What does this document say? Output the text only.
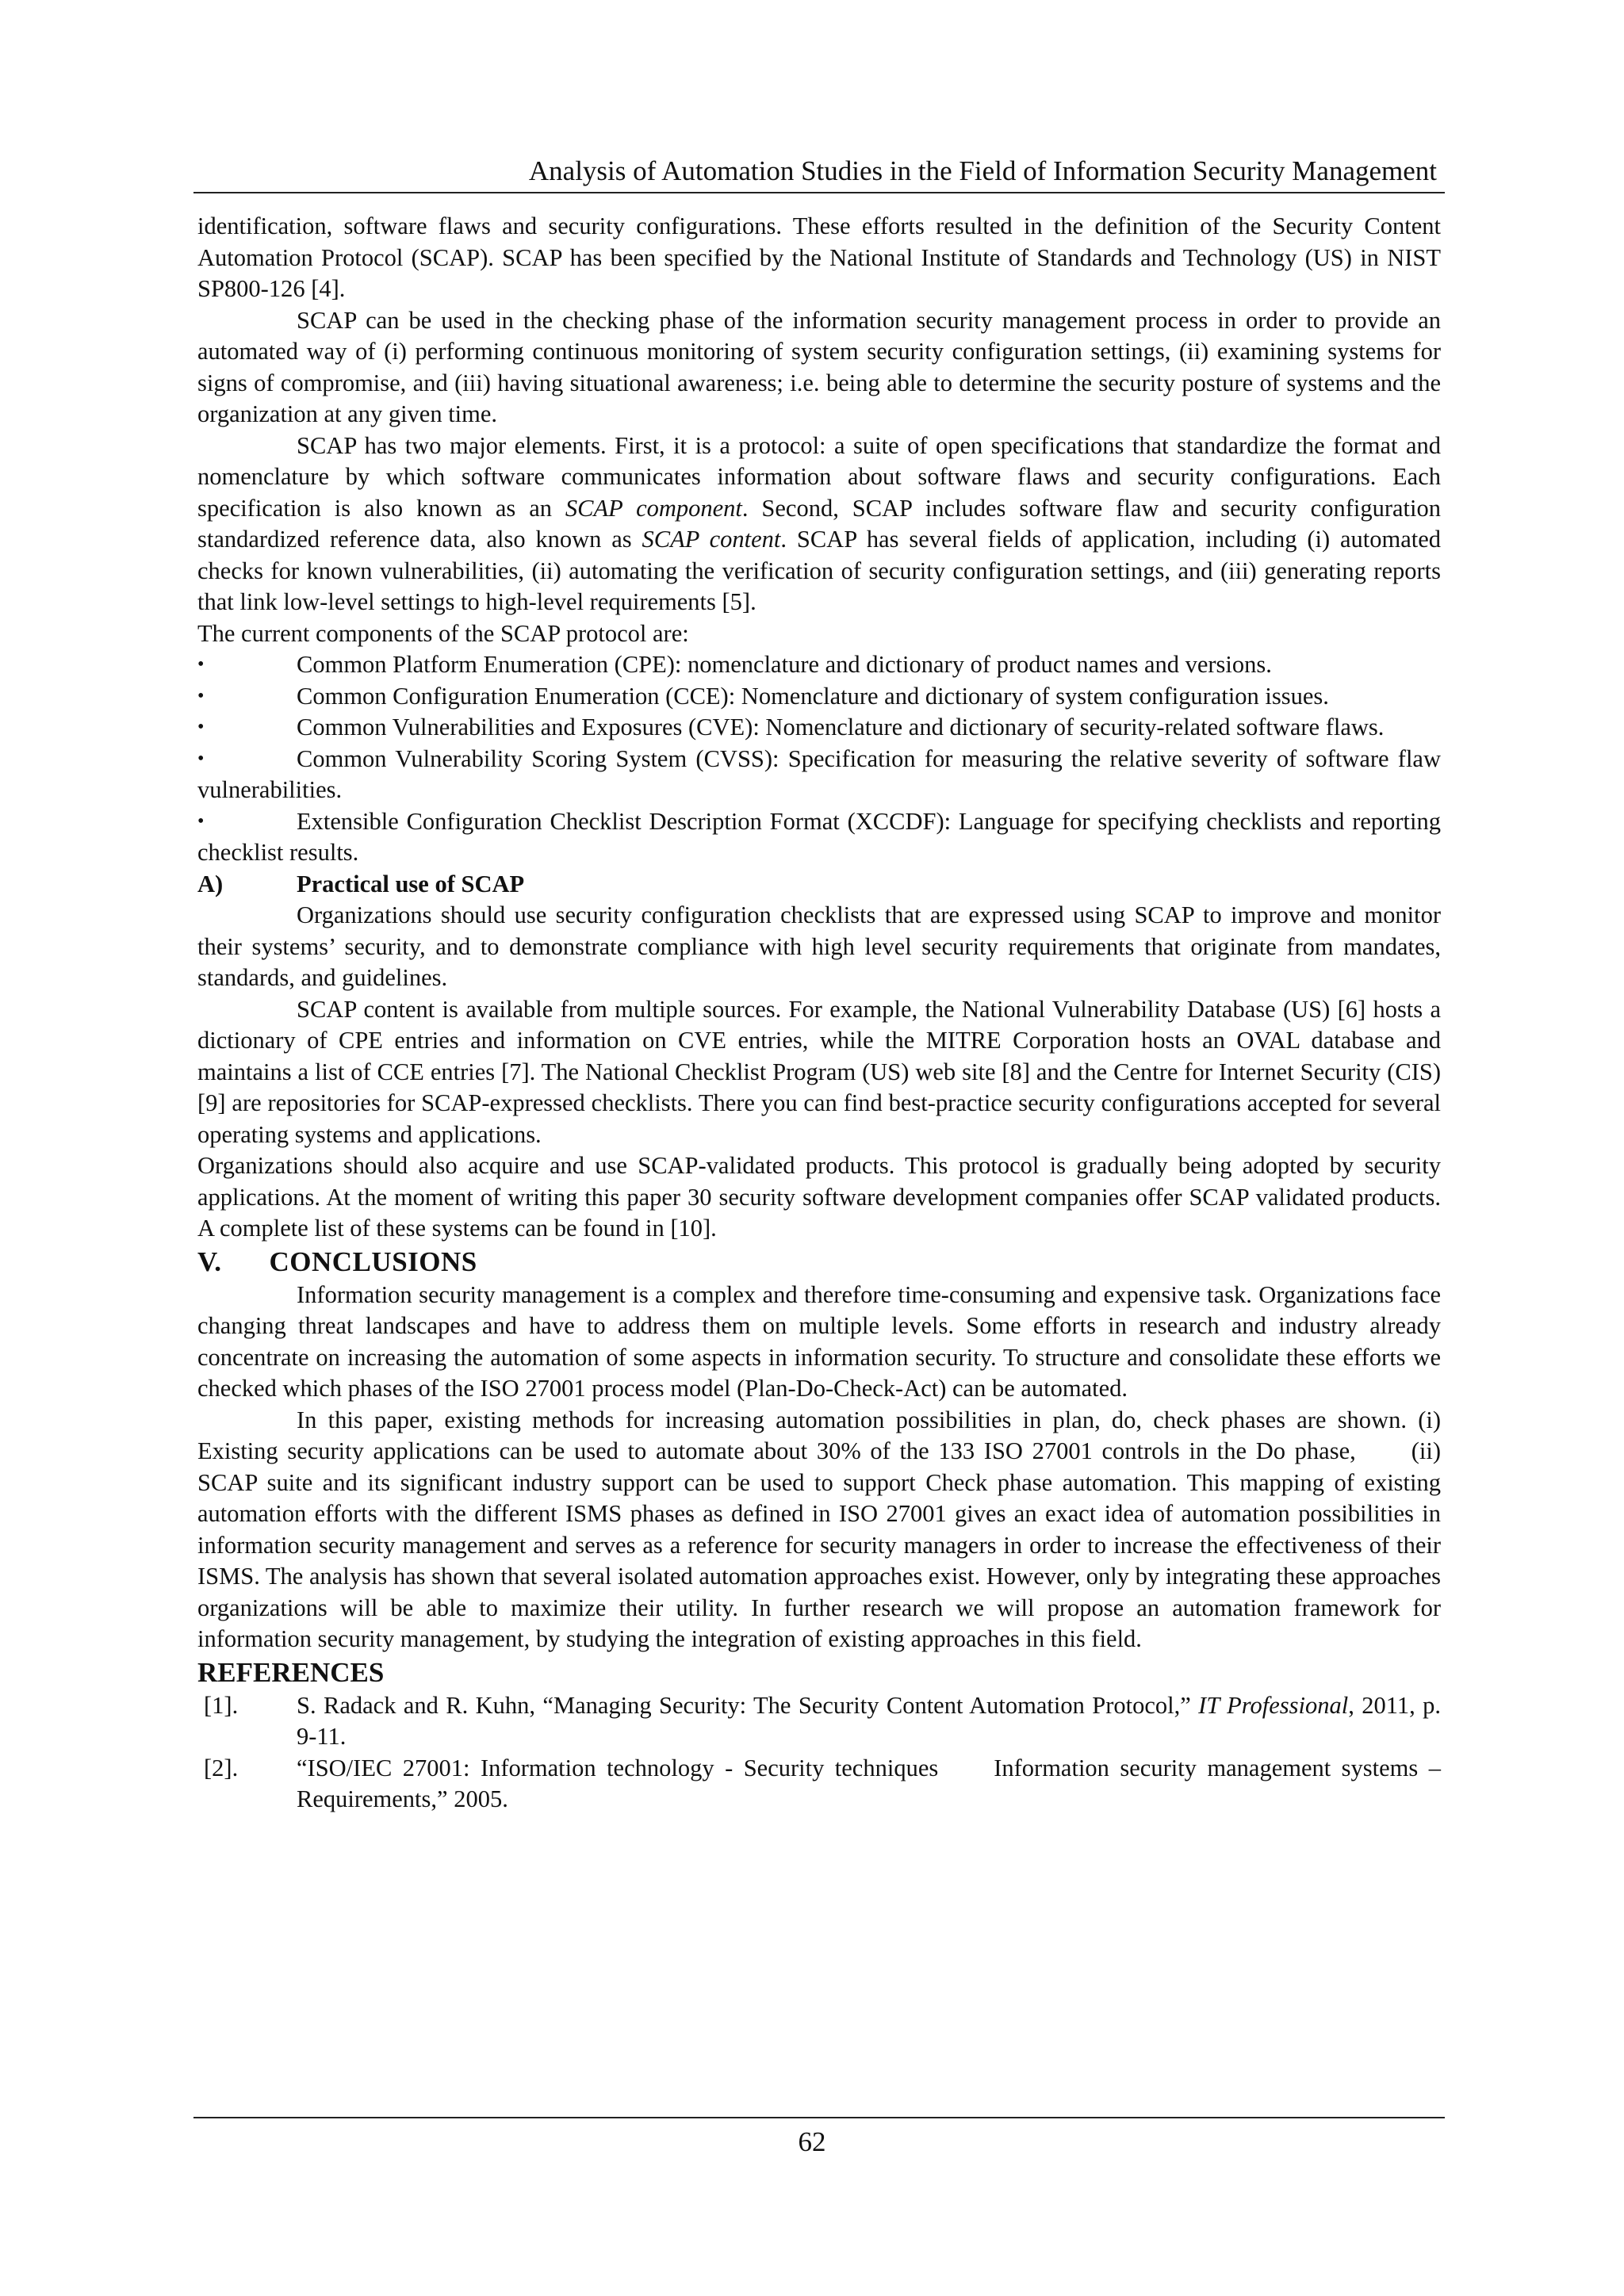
Analysis of Automation Studies in the Field of Information Security Management

identification, software flaws and security configurations. These efforts resulted in the definition of the Security Content Automation Protocol (SCAP). SCAP has been specified by the National Institute of Standards and Technology (US) in NIST SP800-126 [4].

SCAP can be used in the checking phase of the information security management process in order to provide an automated way of (i) performing continuous monitoring of system security configuration settings, (ii) examining systems for signs of compromise, and (iii) having situational awareness; i.e. being able to determine the security posture of systems and the organization at any given time.

SCAP has two major elements. First, it is a protocol: a suite of open specifications that standardize the format and nomenclature by which software communicates information about software flaws and security configurations. Each specification is also known as an SCAP component. Second, SCAP includes software flaw and security configuration standardized reference data, also known as SCAP content. SCAP has several fields of application, including (i) automated checks for known vulnerabilities, (ii) automating the verification of security configuration settings, and (iii) generating reports that link low-level settings to high-level requirements [5].

The current components of the SCAP protocol are:

•	Common Platform Enumeration (CPE): nomenclature and dictionary of product names and versions.

•	Common Configuration Enumeration (CCE): Nomenclature and dictionary of system configuration issues.

•	Common Vulnerabilities and Exposures (CVE): Nomenclature and dictionary of security-related software flaws.

•	Common Vulnerability Scoring System (CVSS): Specification for measuring the relative severity of software flaw vulnerabilities.

•	Extensible Configuration Checklist Description Format (XCCDF): Language for specifying checklists and reporting checklist results.

A)	Practical use of SCAP

Organizations should use security configuration checklists that are expressed using SCAP to improve and monitor their systems’ security, and to demonstrate compliance with high level security requirements that originate from mandates, standards, and guidelines.

SCAP content is available from multiple sources. For example, the National Vulnerability Database (US) [6] hosts a dictionary of CPE entries and information on CVE entries, while the MITRE Corporation hosts an OVAL database and maintains a list of CCE entries [7]. The National Checklist Program (US) web site [8] and the Centre for Internet Security (CIS) [9] are repositories for SCAP-expressed checklists. There you can find best-practice security configurations accepted for several operating systems and applications.

Organizations should also acquire and use SCAP-validated products. This protocol is gradually being adopted by security applications. At the moment of writing this paper 30 security software development companies offer SCAP validated products. A complete list of these systems can be found in [10].

V. CONCLUSIONS

Information security management is a complex and therefore time-consuming and expensive task. Organizations face changing threat landscapes and have to address them on multiple levels. Some efforts in research and industry already concentrate on increasing the automation of some aspects in information security. To structure and consolidate these efforts we checked which phases of the ISO 27001 process model (Plan-Do-Check-Act) can be automated.

In this paper, existing methods for increasing automation possibilities in plan, do, check phases are shown. (i) Existing security applications can be used to automate about 30% of the 133 ISO 27001 controls in the Do phase, (ii) SCAP suite and its significant industry support can be used to support Check phase automation. This mapping of existing automation efforts with the different ISMS phases as defined in ISO 27001 gives an exact idea of automation possibilities in information security management and serves as a reference for security managers in order to increase the effectiveness of their ISMS. The analysis has shown that several isolated automation approaches exist. However, only by integrating these approaches organizations will be able to maximize their utility. In further research we will propose an automation framework for information security management, by studying the integration of existing approaches in this field.

REFERENCES

[1].	S. Radack and R. Kuhn, “Managing Security: The Security Content Automation Protocol,” IT Professional, 2011, p. 9-11.
[2].	“ISO/IEC 27001: Information technology - Security techniques Information security management systems – Requirements,” 2005.
62
